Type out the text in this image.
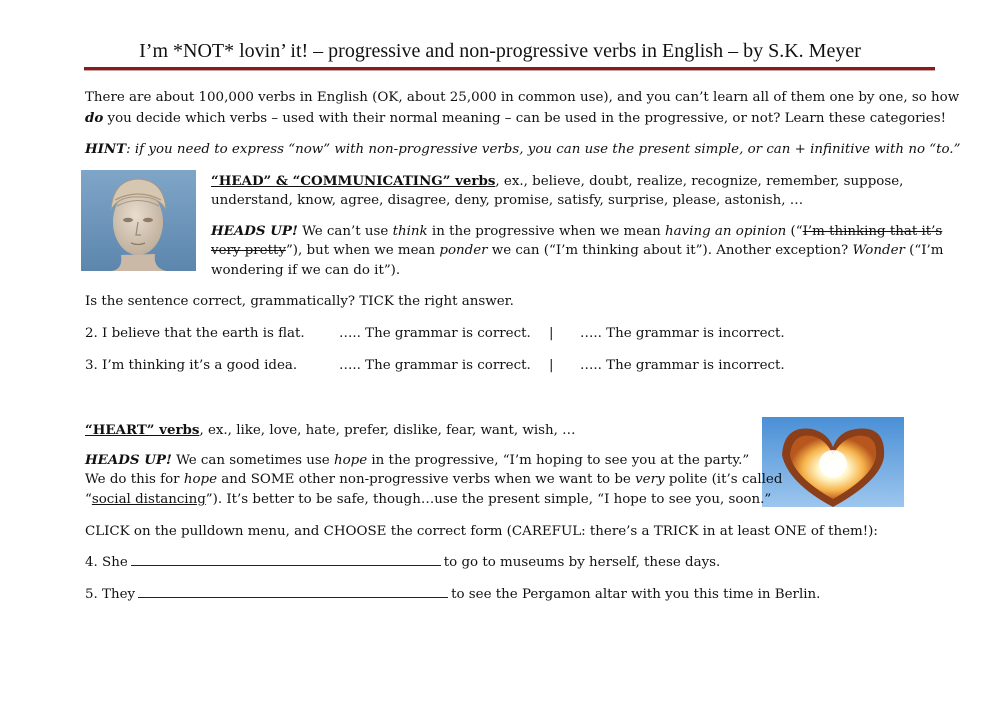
I’m *NOT* lovin’ it! – progressive and non-progressive verbs in English – by S.K. Meyer
There are about 100,000 verbs in English (OK, about 25,000 in common use), and you can’t learn all of them one by one, so how
do you decide which verbs – used with their normal meaning – can be used in the progressive, or not? Learn these categories!
HINT: if you need to express “now” with non-progressive verbs, you can use the present simple, or can + infinitive with no “to.”
“HEAD” & “COMMUNICATING” verbs, ex., believe, doubt, realize, recognize, remember, suppose,
understand, know, agree, disagree, deny, promise, satisfy, surprise, please, astonish, …
HEADS UP! We can’t use think in the progressive when we mean having an opinion (“I’m thinking that it’s
very pretty”), but when we mean ponder we can (“I’m thinking about it”). Another exception? Wonder (“I’m
wondering if we can do it”).
Is the sentence correct, grammatically? TICK the right answer.
2. I believe that the earth is flat.	….. The grammar is correct. | ….. The grammar is incorrect.
3. I’m thinking it’s a good idea.	….. The grammar is correct. | ….. The grammar is incorrect.
“HEART” verbs, ex., like, love, hate, prefer, dislike, fear, want, wish, …
HEADS UP! We can sometimes use hope in the progressive, “I’m hoping to see you at the party.”
We do this for hope and SOME other non-progressive verbs when we want to be very polite (it’s called
“social distancing”). It’s better to be safe, though…use the present simple, “I hope to see you, soon.”
CLICK on the pulldown menu, and CHOOSE the correct form (CAREFUL: there’s a TRICK in at least ONE of them!):
4. She	to go to museums by herself, these days.
5. They	to see the Pergamon altar with you this time in Berlin.
